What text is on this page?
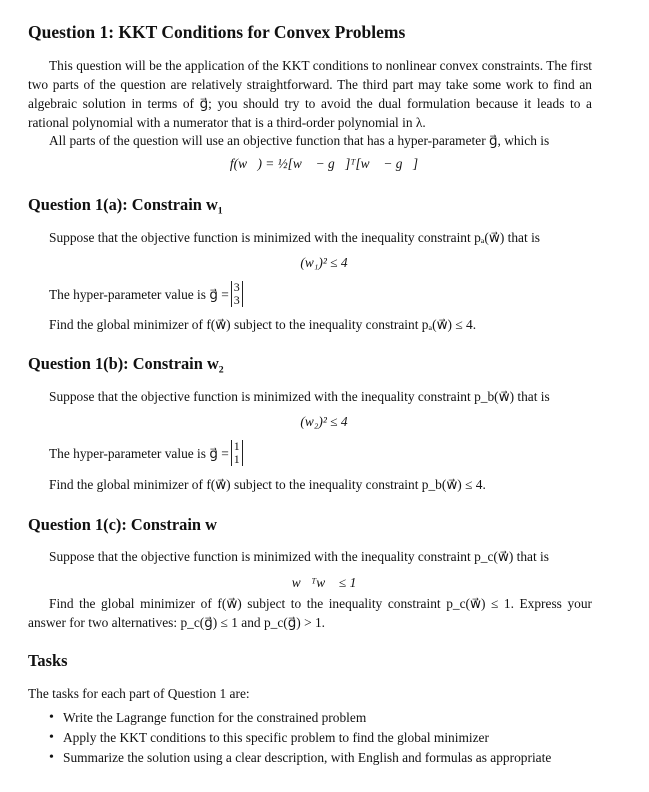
Question 1: KKT Conditions for Convex Problems

This question will be the application of the KKT conditions to nonlinear convex constraints. The first two parts of the question are relatively straightforward. The third part may take some work to find an algebraic solution in terms of g⃗; you should try to avoid the dual formulation because it leads to a rational polynomial with a numerator that is a third-order polynomial in λ.

All parts of the question will use an objective function that has a hyper-parameter g⃗, which is
f(w⃗) = ½[w⃗ − g⃗]ᵀ[w⃗ − g⃗]
Question 1(a): Constrain w₁
Suppose that the objective function is minimized with the inequality constraint pₐ(w⃗) that is
(w₁)² ≤ 4
The hyper-parameter value is g⃗ = 3
3
Find the global minimizer of f(w⃗) subject to the inequality constraint pₐ(w⃗) ≤ 4.
Question 1(b): Constrain w₂
Suppose that the objective function is minimized with the inequality constraint p_b(w⃗) that is
(w₂)² ≤ 4
The hyper-parameter value is g⃗ = 1
1
Find the global minimizer of f(w⃗) subject to the inequality constraint p_b(w⃗) ≤ 4.
Question 1(c): Constrain w⃗
Suppose that the objective function is minimized with the inequality constraint p_c(w⃗) that is
w⃗ᵀw⃗ ≤ 1

Find the global minimizer of f(w⃗) subject to the inequality constraint p_c(w⃗) ≤ 1. Express your answer for two alternatives: p_c(g⃗) ≤ 1 and p_c(g⃗) > 1.

Tasks
The tasks for each part of Question 1 are:
• Write the Lagrange function for the constrained problem
• Apply the KKT conditions to this specific problem to find the global minimizer
• Summarize the solution using a clear description, with English and formulas as appropriate
